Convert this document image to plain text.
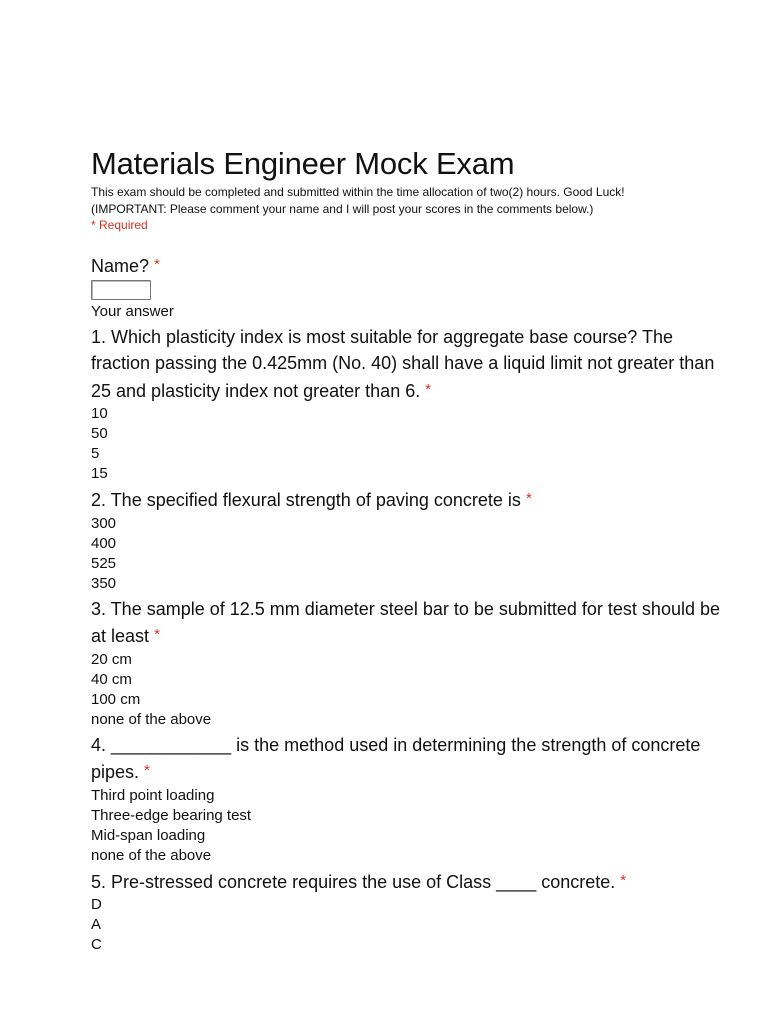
Materials Engineer Mock Exam
This exam should be completed and submitted within the time allocation of two(2) hours. Good Luck!
(IMPORTANT: Please comment your name and I will post your scores in the comments below.)
* Required
Name? *
Your answer
1. Which plasticity index is most suitable for aggregate base course? The fraction passing the 0.425mm (No. 40) shall have a liquid limit not greater than 25 and plasticity index not greater than 6. *
10
50
5
15
2. The specified flexural strength of paving concrete is *
300
400
525
350
3. The sample of 12.5 mm diameter steel bar to be submitted for test should be at least *
20 cm
40 cm
100 cm
none of the above
4. ____________ is the method used in determining the strength of concrete pipes. *
Third point loading
Three-edge bearing test
Mid-span loading
none of the above
5. Pre-stressed concrete requires the use of Class ____ concrete. *
D
A
C
